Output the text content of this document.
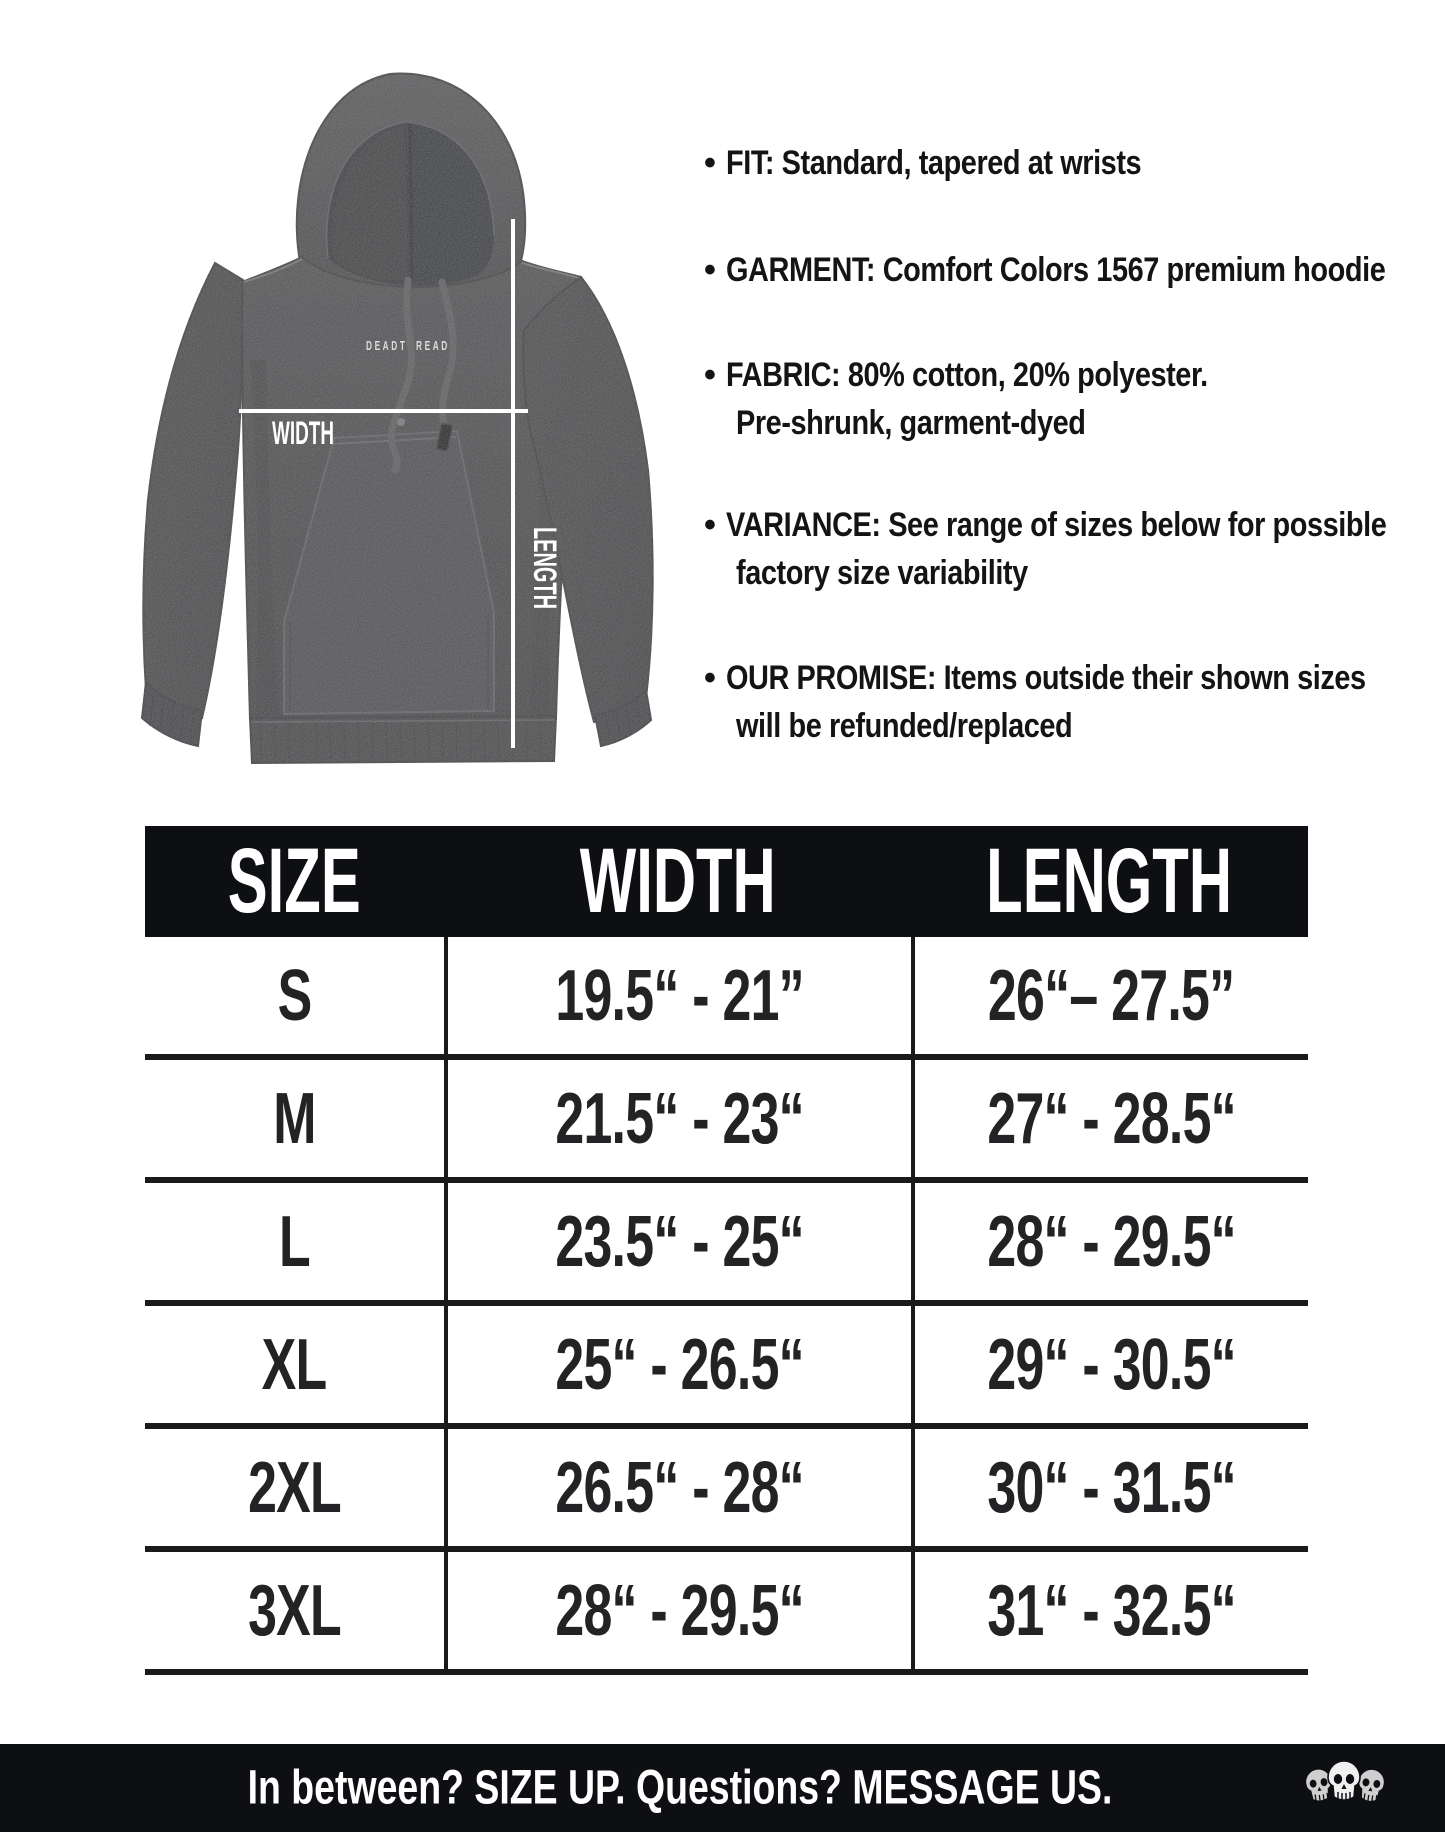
DEADTHREADS
WIDTH
LENGTH
• FIT: Standard, tapered at wrists
• GARMENT: Comfort Colors 1567 premium hoodie
• FABRIC: 80% cotton, 20% polyester.
Pre-shrunk, garment-dyed
• VARIANCE: See range of sizes below for possible
factory size variability
• OUR PROMISE: Items outside their shown sizes
will be refunded/replaced
SIZE WIDTH LENGTH
S	19.5“ - 21”	26“– 27.5”
M	21.5“ - 23“	27“ - 28.5“
L	23.5“ - 25“	28“ - 29.5“
XL	25“ - 26.5“	29“ - 30.5“
2XL	26.5“ - 28“	30“ - 31.5“
3XL	28“ - 29.5“	31“ - 32.5“
In between? SIZE UP. Questions? MESSAGE US.
